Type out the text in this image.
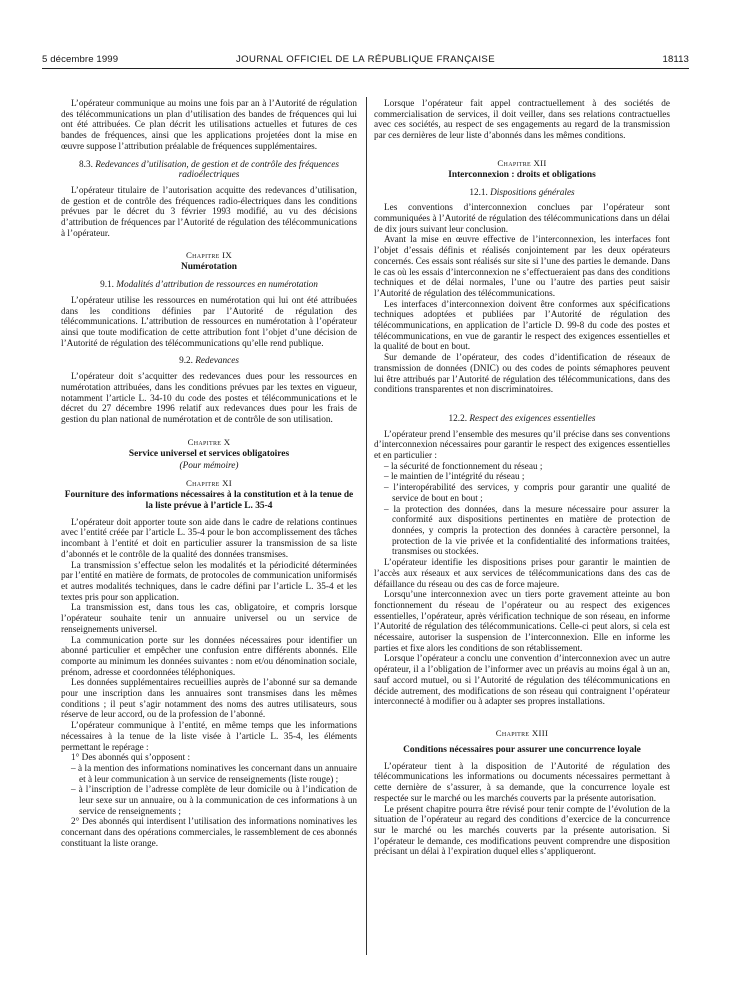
5 décembre 1999	JOURNAL OFFICIEL DE LA RÉPUBLIQUE FRANÇAISE	18113

L’opérateur communique au moins une fois par an à l’Autorité de régulation des télécommunications un plan d’utilisation des bandes de fréquences qui lui ont été attribuées. Ce plan décrit les utilisations actuelles et futures de ces bandes de fréquences, ainsi que les applications projetées dont la mise en œuvre suppose l’attribution préalable de fréquences supplémentaires.

8.3. Redevances d’utilisation, de gestion et de contrôle des fréquences radioélectriques

L’opérateur titulaire de l’autorisation acquitte des redevances d’utilisation, de gestion et de contrôle des fréquences radio-électriques dans les conditions prévues par le décret du 3 février 1993 modifié, au vu des décisions d’attribution de fréquences par l’Autorité de régulation des télécommunications à l’opérateur.

Chapitre IX
Numérotation
9.1. Modalités d’attribution de ressources en numérotation

L’opérateur utilise les ressources en numérotation qui lui ont été attribuées dans les conditions définies par l’Autorité de régulation des télécommunications. L’attribution de ressources en numérotation à l’opérateur ainsi que toute modification de cette attribution font l’objet d’une décision de l’Autorité de régulation des télécommunications qu’elle rend publique.

9.2. Redevances

L’opérateur doit s’acquitter des redevances dues pour les ressources en numérotation attribuées, dans les conditions prévues par les textes en vigueur, notamment l’article L. 34-10 du code des postes et télécommunications et le décret du 27 décembre 1996 relatif aux redevances dues pour les frais de gestion du plan national de numérotation et de contrôle de son utilisation.

Chapitre X
Service universel et services obligatoires
(Pour mémoire)
Chapitre XI
Fourniture des informations nécessaires à la constitution et à la tenue de la liste prévue à l’article L. 35-4

L’opérateur doit apporter toute son aide dans le cadre de relations continues avec l’entité créée par l’article L. 35-4 pour le bon accomplissement des tâches incombant à l’entité et doit en particulier assurer la transmission de sa liste d’abonnés et le contrôle de la qualité des données transmises.

La transmission s’effectue selon les modalités et la périodicité déterminées par l’entité en matière de formats, de protocoles de communication uniformisés et autres modalités techniques, dans le cadre défini par l’article L. 35-4 et les textes pris pour son application.

La transmission est, dans tous les cas, obligatoire, et compris lorsque l’opérateur souhaite tenir un annuaire universel ou un service de renseignements universel.

La communication porte sur les données nécessaires pour identifier un abonné particulier et empêcher une confusion entre différents abonnés. Elle comporte au minimum les données suivantes : nom et/ou dénomination sociale, prénom, adresse et coordonnées téléphoniques.

Les données supplémentaires recueillies auprès de l’abonné sur sa demande pour une inscription dans les annuaires sont transmises dans les mêmes conditions ; il peut s’agir notamment des noms des autres utilisateurs, sous réserve de leur accord, ou de la profession de l’abonné.

L’opérateur communique à l’entité, en même temps que les informations nécessaires à la tenue de la liste visée à l’article L. 35-4, les éléments permettant le repérage :

1° Des abonnés qui s’opposent :

– à la mention des informations nominatives les concernant dans un annuaire et à leur communication à un service de renseignements (liste rouge) ;
– à l’inscription de l’adresse complète de leur domicile ou à l’indication de leur sexe sur un annuaire, ou à la communication de ces informations à un service de renseignements ;

2° Des abonnés qui interdisent l’utilisation des informations nominatives les concernant dans des opérations commerciales, le rassemblement de ces abonnés constituant la liste orange.

Lorsque l’opérateur fait appel contractuellement à des sociétés de commercialisation de services, il doit veiller, dans ses relations contractuelles avec ces sociétés, au respect de ses engagements au regard de la transmission par ces dernières de leur liste d’abonnés dans les mêmes conditions.

Chapitre XII
Interconnexion : droits et obligations
12.1. Dispositions générales

Les conventions d’interconnexion conclues par l’opérateur sont communiquées à l’Autorité de régulation des télécommunications dans un délai de dix jours suivant leur conclusion.

Avant la mise en œuvre effective de l’interconnexion, les interfaces font l’objet d’essais définis et réalisés conjointement par les deux opérateurs concernés. Ces essais sont réalisés sur site si l’une des parties le demande. Dans le cas où les essais d’interconnexion ne s’effectueraient pas dans des conditions techniques et de délai normales, l’une ou l’autre des parties peut saisir l’Autorité de régulation des télécommunications.

Les interfaces d’interconnexion doivent être conformes aux spécifications techniques adoptées et publiées par l’Autorité de régulation des télécommunications, en application de l’article D. 99-8 du code des postes et télécommunications, en vue de garantir le respect des exigences essentielles et la qualité de bout en bout.

Sur demande de l’opérateur, des codes d’identification de réseaux de transmission de données (DNIC) ou des codes de points sémaphores peuvent lui être attribués par l’Autorité de régulation des télécommunications, dans des conditions transparentes et non discriminatoires.

12.2. Respect des exigences essentielles

L’opérateur prend l’ensemble des mesures qu’il précise dans ses conventions d’interconnexion nécessaires pour garantir le respect des exigences essentielles et en particulier :

– la sécurité de fonctionnement du réseau ;
– le maintien de l’intégrité du réseau ;
– l’interopérabilité des services, y compris pour garantir une qualité de service de bout en bout ;
– la protection des données, dans la mesure nécessaire pour assurer la conformité aux dispositions pertinentes en matière de protection de données, y compris la protection des données à caractère personnel, la protection de la vie privée et la confidentialité des informations traitées, transmises ou stockées.

L’opérateur identifie les dispositions prises pour garantir le maintien de l’accès aux réseaux et aux services de télécommunications dans des cas de défaillance du réseau ou des cas de force majeure.

Lorsqu’une interconnexion avec un tiers porte gravement atteinte au bon fonctionnement du réseau de l’opérateur ou au respect des exigences essentielles, l’opérateur, après vérification technique de son réseau, en informe l’Autorité de régulation des télécommunications. Celle-ci peut alors, si cela est nécessaire, autoriser la suspension de l’interconnexion. Elle en informe les parties et fixe alors les conditions de son rétablissement.

Lorsque l’opérateur a conclu une convention d’interconnexion avec un autre opérateur, il a l’obligation de l’informer avec un préavis au moins égal à un an, sauf accord mutuel, ou si l’Autorité de régulation des télécommunications en décide autrement, des modifications de son réseau qui contraignent l’opérateur interconnecté à modifier ou à adapter ses propres installations.

Chapitre XIII
Conditions nécessaires pour assurer une concurrence loyale

L’opérateur tient à la disposition de l’Autorité de régulation des télécommunications les informations ou documents nécessaires permettant à cette dernière de s’assurer, à sa demande, que la concurrence loyale est respectée sur le marché ou les marchés couverts par la présente autorisation.

Le présent chapitre pourra être révisé pour tenir compte de l’évolution de la situation de l’opérateur au regard des conditions d’exercice de la concurrence sur le marché ou les marchés couverts par la présente autorisation. Si l’opérateur le demande, ces modifications peuvent comprendre une disposition précisant un délai à l’expiration duquel elles s’appliqueront.
